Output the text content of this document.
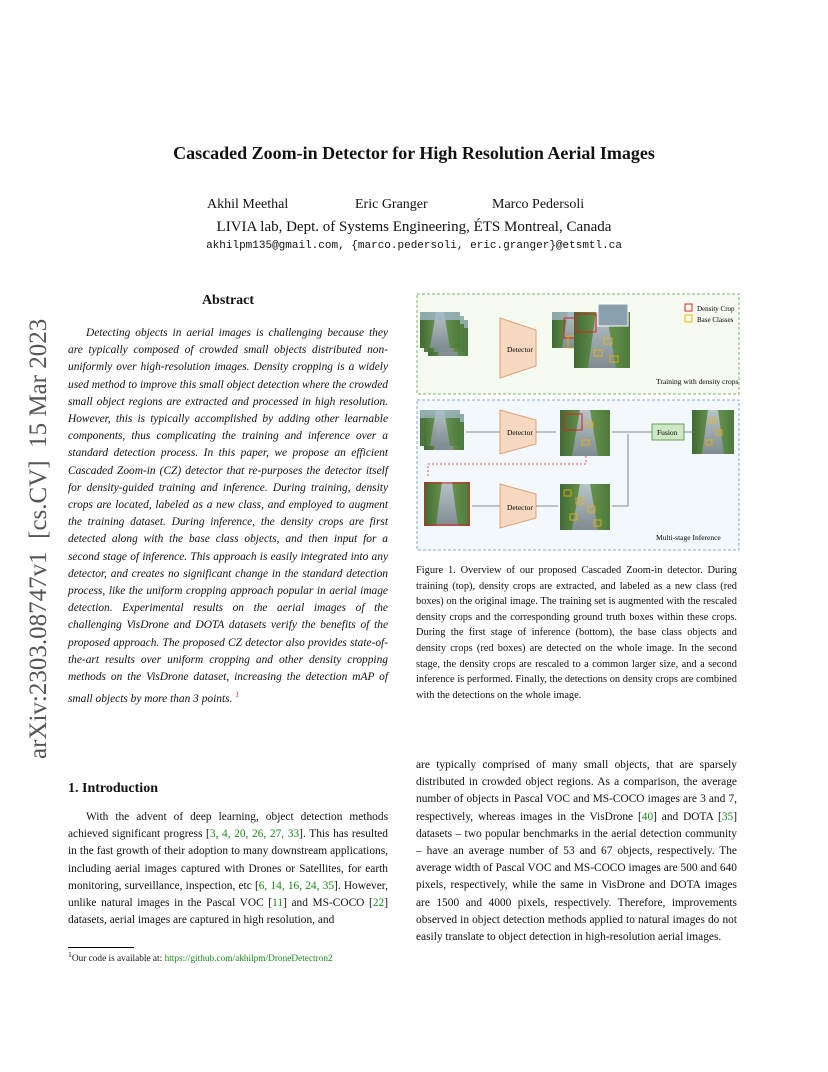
Cascaded Zoom-in Detector for High Resolution Aerial Images
Akhil Meethal	Eric Granger	Marco Pedersoli
LIVIA lab, Dept. of Systems Engineering, ÉTS Montreal, Canada
akhilpm135@gmail.com, {marco.pedersoli, eric.granger}@etsmtl.ca
arXiv:2303.08747v1  [cs.CV]  15 Mar 2023
Abstract

Detecting objects in aerial images is challenging because they are typically composed of crowded small objects distributed non-uniformly over high-resolution images. Density cropping is a widely used method to improve this small object detection where the crowded small object regions are extracted and processed in high resolution. However, this is typically accomplished by adding other learnable components, thus complicating the training and inference over a standard detection process. In this paper, we propose an efficient Cascaded Zoom-in (CZ) detector that re-purposes the detector itself for density-guided training and inference. During training, density crops are located, labeled as a new class, and employed to augment the training dataset. During inference, the density crops are first detected along with the base class objects, and then input for a second stage of inference. This approach is easily integrated into any detector, and creates no significant change in the standard detection process, like the uniform cropping approach popular in aerial image detection. Experimental results on the aerial images of the challenging VisDrone and DOTA datasets verify the benefits of the proposed approach. The proposed CZ detector also provides state-of-the-art results over uniform cropping and other density cropping methods on the VisDrone dataset, increasing the detection mAP of small objects by more than 3 points. $^1$

Density Crop
Base Classes
Detector
Training with density crops
Detector	Fusion
Detector
Multi-stage Inference

Figure 1. Overview of our proposed Cascaded Zoom-in detector. During training (top), density crops are extracted, and labeled as a new class (red boxes) on the original image. The training set is augmented with the rescaled density crops and the corresponding ground truth boxes within these crops. During the first stage of inference (bottom), the base class objects and density crops (red boxes) are detected on the whole image. In the second stage, the density crops are rescaled to a common larger size, and a second inference is performed. Finally, the detections on density crops are combined with the detections on the whole image.

1. Introduction

With the advent of deep learning, object detection methods achieved significant progress [3, 4, 20, 26, 27, 33]. This has resulted in the fast growth of their adoption to many downstream applications, including aerial images captured with Drones or Satellites, for earth monitoring, surveillance, inspection, etc [6, 14, 16, 24, 35]. However, unlike natural images in the Pascal VOC [11] and MS-COCO [22] datasets, aerial images are captured in high resolution, and

$^1$Our code is available at: https://github.com/akhilpm/DroneDetectron2

are typically comprised of many small objects, that are sparsely distributed in crowded object regions. As a comparison, the average number of objects in Pascal VOC and MS-COCO images are 3 and 7, respectively, whereas images in the VisDrone [40] and DOTA [35] datasets – two popular benchmarks in the aerial detection community – have an average number of 53 and 67 objects, respectively. The average width of Pascal VOC and MS-COCO images are 500 and 640 pixels, respectively, while the same in VisDrone and DOTA images are 1500 and 4000 pixels, respectively. Therefore, improvements observed in object detection methods applied to natural images do not easily translate to object detection in high-resolution aerial images.
